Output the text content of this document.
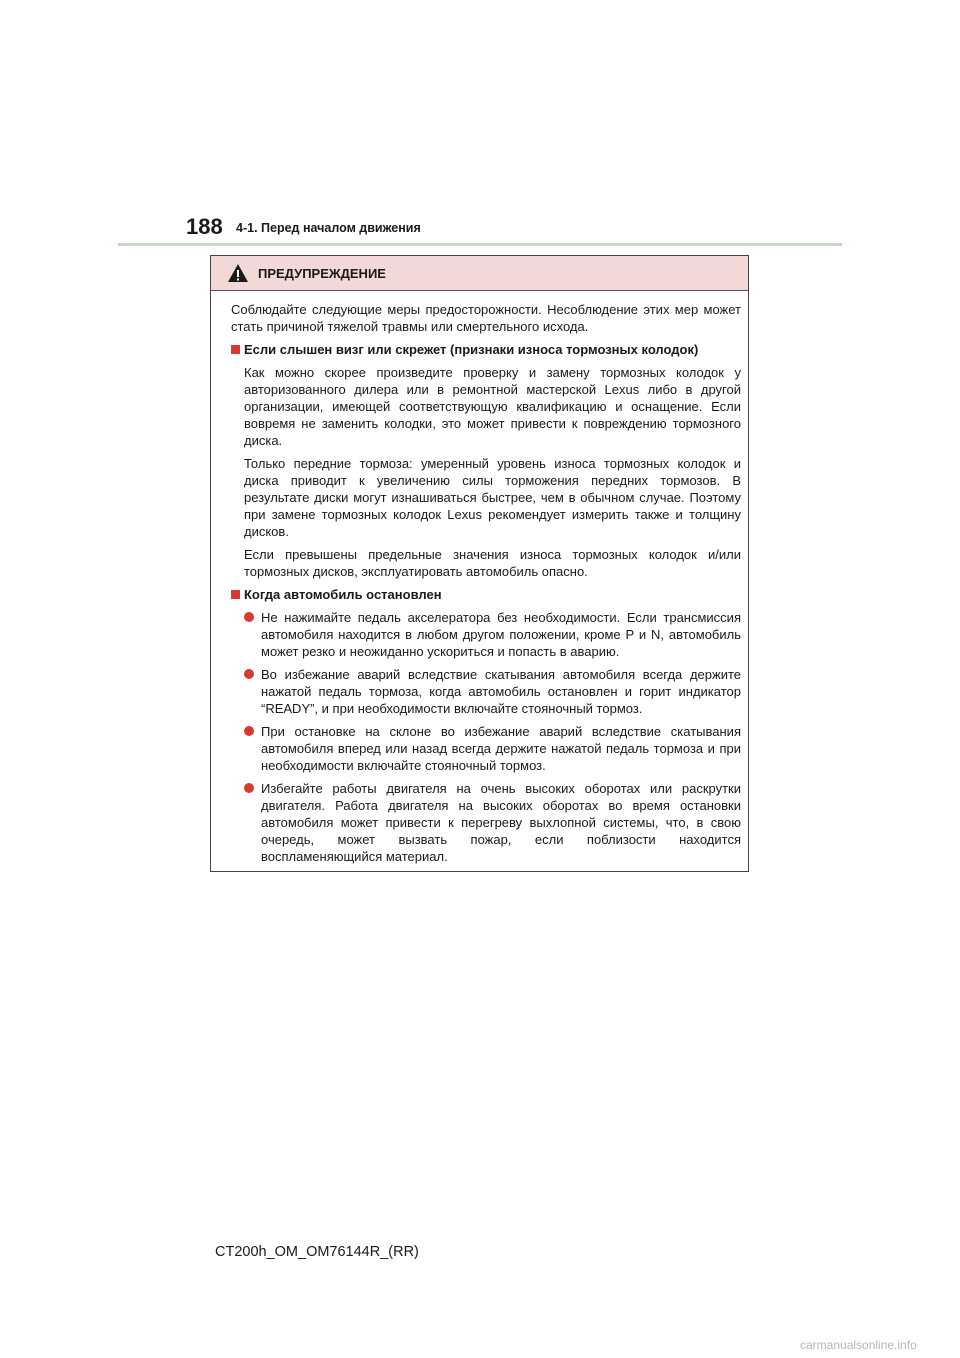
188 4-1. Перед началом движения
ПРЕДУПРЕЖДЕНИЕ

Соблюдайте следующие меры предосторожности. Несоблюдение этих мер может стать причиной тяжелой травмы или смертельного исхода.

Если слышен визг или скрежет (признаки износа тормозных колодок)

Как можно скорее произведите проверку и замену тормозных колодок у авторизованного дилера или в ремонтной мастерской Lexus либо в другой организации, имеющей соответствующую квалификацию и оснащение. Если вовремя не заменить колодки, это может привести к повреждению тормозного диска.

Только передние тормоза: умеренный уровень износа тормозных колодок и диска приводит к увеличению силы торможения передних тормозов. В результате диски могут изнашиваться быстрее, чем в обычном случае. Поэтому при замене тормозных колодок Lexus рекомендует измерить также и толщину дисков.

Если превышены предельные значения износа тормозных колодок и/или тормозных дисков, эксплуатировать автомобиль опасно.

Когда автомобиль остановлен

Не нажимайте педаль акселератора без необходимости. Если трансмиссия автомобиля находится в любом другом положении, кроме P и N, автомобиль может резко и неожиданно ускориться и попасть в аварию.

Во избежание аварий вследствие скатывания автомобиля всегда держите нажатой педаль тормоза, когда автомобиль остановлен и горит индикатор “READY”, и при необходимости включайте стояночный тормоз.

При остановке на склоне во избежание аварий вследствие скатывания автомобиля вперед или назад всегда держите нажатой педаль тормоза и при необходимости включайте стояночный тормоз.

Избегайте работы двигателя на очень высоких оборотах или раскрутки двигателя. Работа двигателя на высоких оборотах во время остановки автомобиля может привести к перегреву выхлопной системы, что, в свою очередь, может вызвать пожар, если поблизости находится воспламеняющийся материал.

CT200h_OM_OM76144R_(RR)
carmanualsonline.info
